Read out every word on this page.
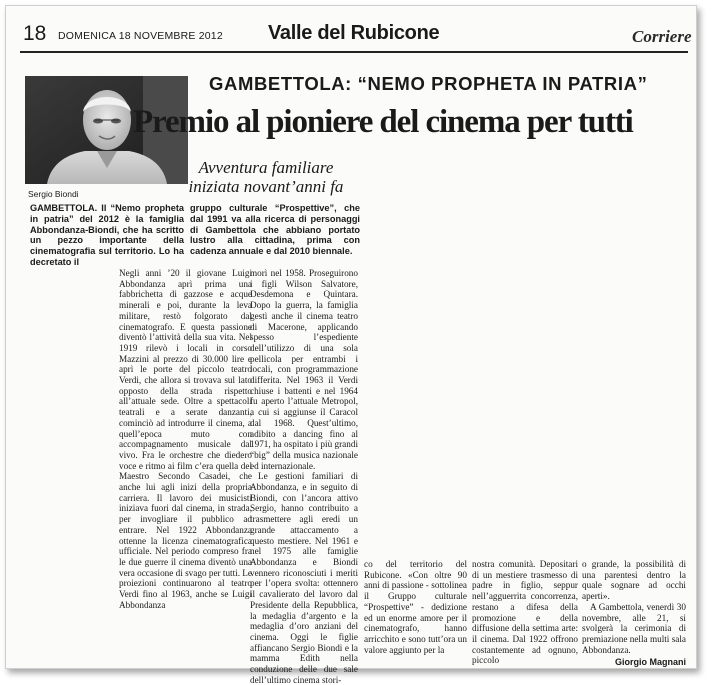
18 DOMENICA 18 NOVEMBRE 2012 Valle del Rubicone	Corriere
Sergio Biondi
GAMBETTOLA: “NEMO PROPHETA IN PATRIA”
Premio al pioniere del cinema per tutti
Avventura familiare
iniziata novant’anni fa
GAMBETTOLA. Il “Nemo propheta in patria” del 2012 è la famiglia Abbondanza-Biondi, che ha scritto un pezzo importante della cinematografia sul territorio. Lo ha decretato il
gruppo culturale “Prospettive”, che dal 1991 va alla ricerca di personaggi di Gambettola che abbiano portato lustro alla cittadina, prima con cadenza annuale e dal 2010 biennale.
Negli anni ’20 il giovane Luigi Abbondanza aprì prima una fabbrichetta di gazzose e acque minerali e poi, durante la leva militare, restò folgorato dal cinematografo. E questa passione diventò l’attività della sua vita. Nel 1919 rilevò i locali in corso Mazzini al prezzo di 30.000 lire e aprì le porte del piccolo teatro Verdi, che allora si trovava sul lato opposto della strada rispetto all’attuale sede. Oltre a spettacoli teatrali e a serate danzanti, cominciò ad introdurre il cinema, a quell’epoca muto con accompagnamento musicale dal vivo. Fra le orchestre che diedero voce e ritmo ai film c’era quella del Maestro Secondo Casadei, che anche lui agli inizi della propria carriera. Il lavoro dei musicisti iniziava fuori dal cinema, in strada, per invogliare il pubblico ad entrare. Nel 1922 Abbondanza ottenne la licenza cinematografica ufficiale. Nel periodo compreso fra le due guerre il cinema diventò una vera occasione di svago per tutti. Le proiezioni continuarono al teatro Verdi fino al 1963, anche se Luigi Abbondanza
morì nel 1958. Proseguirono i figli Wilson Salvatore, Desdemona e Quintara. Dopo la guerra, la famiglia gestì anche il cinema teatro di Macerone, applicando spesso l’espediente dell’utilizzo di una sola pellicola per entrambi i locali, con programmazione differita. Nel 1963 il Verdi chiuse i battenti e nel 1964 fu aperto l’attuale Metropol, a cui si aggiunse il Caracol dal 1968. Quest’ultimo, adibito a dancing fino al 1971, ha ospitato i più grandi “big” della musica nazionale ed internazionale.
Le gestioni familiari di Abbondanza, e in seguito di Biondi, con l’ancora attivo Sergio, hanno contribuito a trasmettere agli eredi un grande attaccamento a questo mestiere. Nel 1961 e nel 1975 alle famiglie Abbondanza e Biondi vennero riconosciuti i meriti per l’opera svolta: ottennero il cavalierato del lavoro dal Presidente della Repubblica, la medaglia d’argento e la medaglia d’oro anziani del cinema. Oggi le figlie affiancano Sergio Biondi e la mamma Edith nella conduzione delle due sale dell’ultimo cinema stori-
co del territorio del Rubicone. «Con oltre 90 anni di passione - sottolinea il Gruppo culturale “Prospettive” - dedizione ed un enorme amore per il cinematografo, hanno arricchito e sono tutt’ora un valore aggiunto per la
nostra comunità. Depositari di un mestiere trasmesso di padre in figlio, seppur nell’agguerrita concorrenza, restano a difesa della promozione e della diffusione della settima arte: il cinema. Dal 1922 offrono costantemente ad ognuno, piccolo
o grande, la possibilità di una parentesi dentro la quale sognare ad occhi aperti».
A Gambettola, venerdì 30 novembre, alle 21, si svolgerà la cerimonia di premiazione nella multi sala Abbondanza.
Giorgio Magnani
